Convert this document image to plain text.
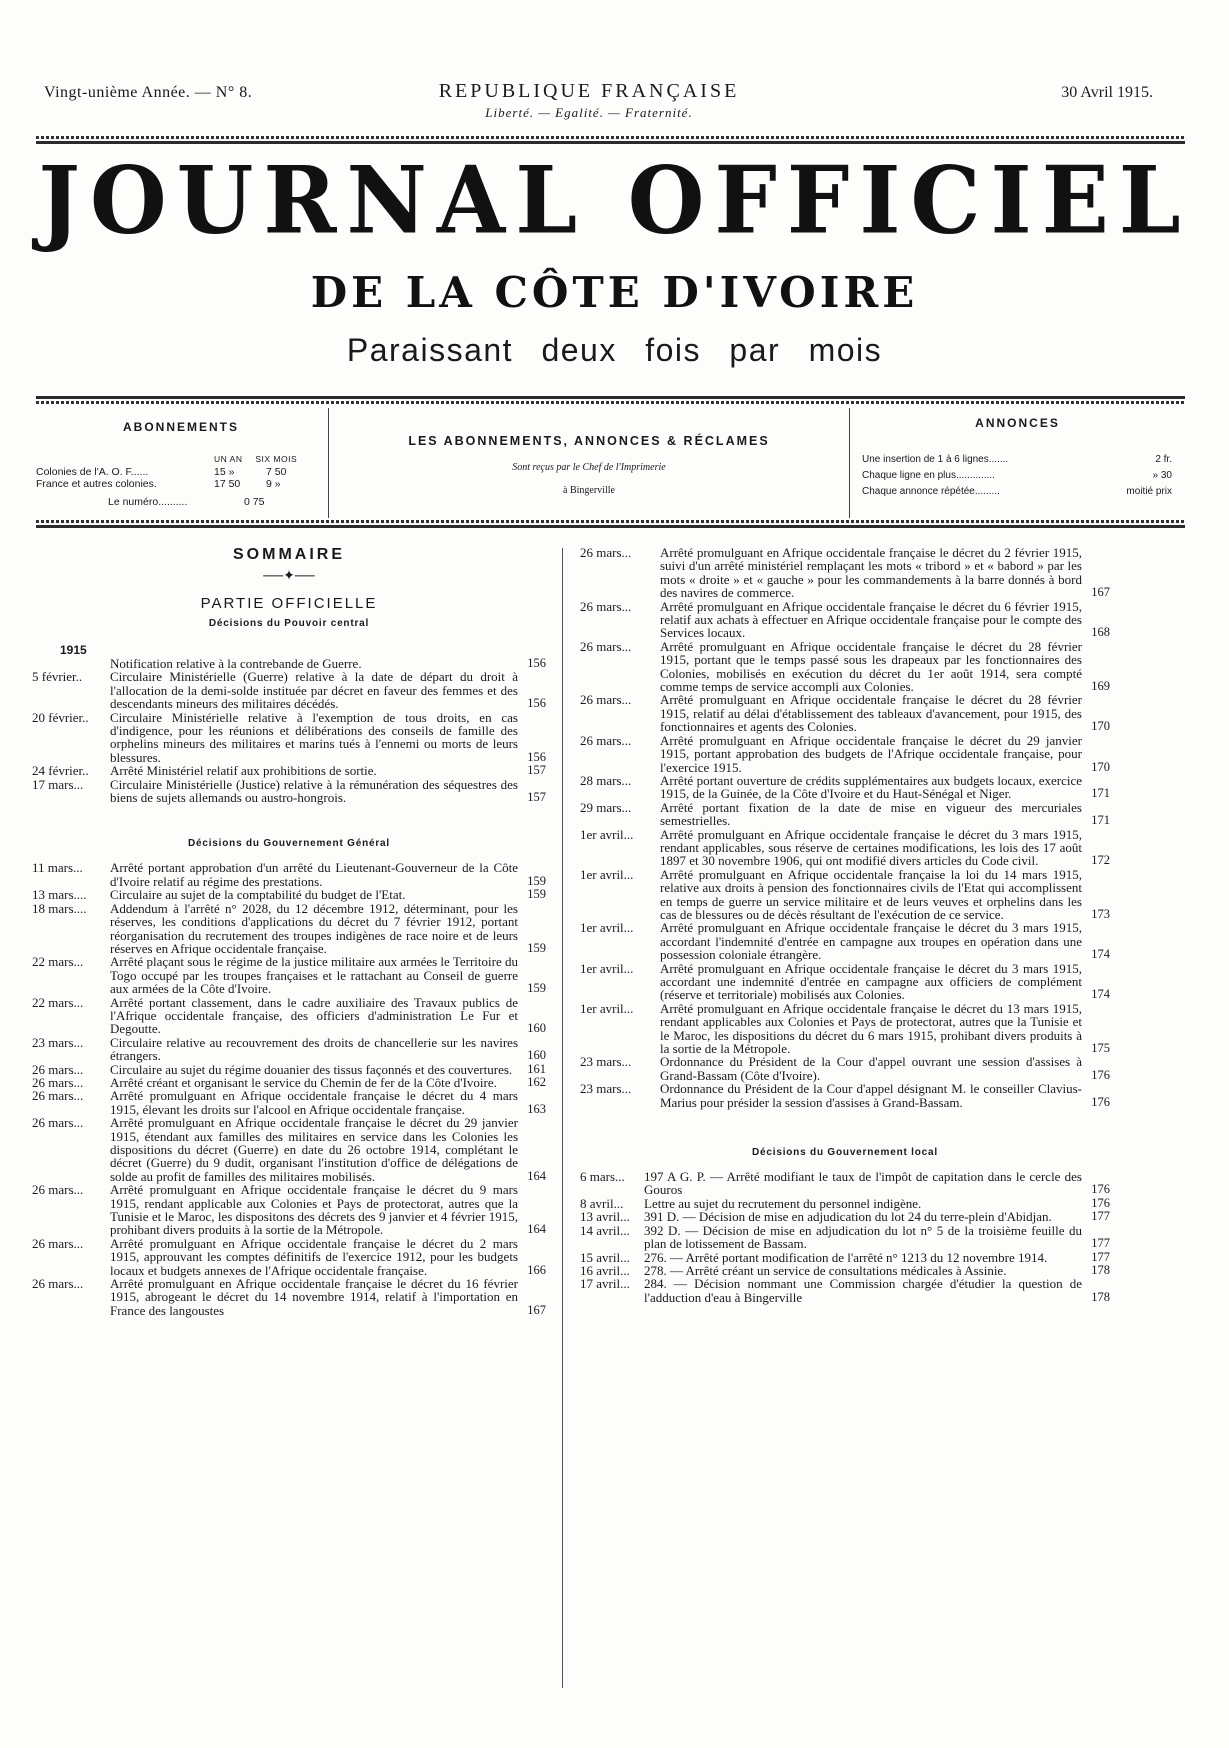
Vingt-unième Année. — N° 8.	REPUBLIQUE FRANÇAISE
Liberté. — Egalité. — Fraternité.
30 Avril 1915.
JOURNAL OFFICIEL
DE LA CÔTE D'IVOIRE
Paraissant deux fois par mois
ABONNEMENTS
UN AN SIX MOIS
Colonies de l'A. O. F......	15 »	7 50
France et autres colonies.	17 50	9 »
Le numéro..........	0 75
LES ABONNEMENTS, ANNONCES & RÉCLAMES
Sont reçus par le Chef de l'Imprimerie
à Bingerville
ANNONCES
Une insertion de 1 à 6 lignes.......	2 fr.
Chaque ligne en plus..............	» 30
Chaque annonce répétée.........	moitié prix
SOMMAIRE
──✦──
PARTIE OFFICIELLE
Décisions du Pouvoir central
1915
Notification relative à la contrebande de Guerre.	156
5 février..	Circulaire Ministérielle (Guerre) relative à la date de départ du droit à l'allocation de la demi-solde instituée par décret en faveur des femmes et des descendants mineurs des militaires décédés.	156
20 février..	Circulaire Ministérielle relative à l'exemption de tous droits, en cas d'indigence, pour les réunions et délibérations des conseils de famille des orphelins mineurs des militaires et marins tués à l'ennemi ou morts de leurs blessures.	156
24 février..	Arrêté Ministériel relatif aux prohibitions de sortie.	157
17 mars...	Circulaire Ministérielle (Justice) relative à la rémunération des séquestres des biens de sujets allemands ou austro-hongrois.	157
Décisions du Gouvernement Général
11 mars...	Arrêté portant approbation d'un arrêté du Lieutenant-Gouverneur de la Côte d'Ivoire relatif au régime des prestations.	159
13 mars....	Circulaire au sujet de la comptabilité du budget de l'Etat.	159
18 mars....	Addendum à l'arrêté n° 2028, du 12 décembre 1912, déterminant, pour les réserves, les conditions d'applications du décret du 7 février 1912, portant réorganisation du recrutement des troupes indigènes de race noire et de leurs réserves en Afrique occidentale française.	159
22 mars...	Arrêté plaçant sous le régime de la justice militaire aux armées le Territoire du Togo occupé par les troupes françaises et le rattachant au Conseil de guerre aux armées de la Côte d'Ivoire.	159
22 mars...	Arrêté portant classement, dans le cadre auxiliaire des Travaux publics de l'Afrique occidentale française, des officiers d'administration Le Fur et Degoutte.	160
23 mars...	Circulaire relative au recouvrement des droits de chancellerie sur les navires étrangers.	160
26 mars...	Circulaire au sujet du régime douanier des tissus façonnés et des couvertures.	161
26 mars...	Arrêté créant et organisant le service du Chemin de fer de la Côte d'Ivoire.	162
26 mars...	Arrêté promulguant en Afrique occidentale française le décret du 4 mars 1915, élevant les droits sur l'alcool en Afrique occidentale française.	163
26 mars...	Arrêté promulguant en Afrique occidentale française le décret du 29 janvier 1915, étendant aux familles des militaires en service dans les Colonies les dispositions du décret (Guerre) en date du 26 octobre 1914, complétant le décret (Guerre) du 9 dudit, organisant l'institution d'office de délégations de solde au profit de familles des militaires mobilisés.	164
26 mars...	Arrêté promulguant en Afrique occidentale française le décret du 9 mars 1915, rendant applicable aux Colonies et Pays de protectorat, autres que la Tunisie et le Maroc, les dispositons des décrets des 9 janvier et 4 février 1915, prohibant divers produits à la sortie de la Métropole.	164
26 mars...	Arrêté promulguant en Afrique occidentale française le décret du 2 mars 1915, approuvant les comptes définitifs de l'exercice 1912, pour les budgets locaux et budgets annexes de l'Afrique occidentale française.	166
26 mars...	Arrêté promulguant en Afrique occidentale française le décret du 16 février 1915, abrogeant le décret du 14 novembre 1914, relatif à l'importation en France des langoustes	167
26 mars...	Arrêté promulguant en Afrique occidentale française le décret du 2 février 1915, suivi d'un arrêté ministériel remplaçant les mots « tribord » et « babord » par les mots « droite » et « gauche » pour les commandements à la barre donnés à bord des navires de commerce.	167
26 mars...	Arrêté promulguant en Afrique occidentale française le décret du 6 février 1915, relatif aux achats à effectuer en Afrique occidentale française pour le compte des Services locaux.	168
26 mars...	Arrêté promulguant en Afrique occidentale française le décret du 28 février 1915, portant que le temps passé sous les drapeaux par les fonctionnaires des Colonies, mobilisés en exécution du décret du 1er août 1914, sera compté comme temps de service accompli aux Colonies.	169
26 mars...	Arrêté promulguant en Afrique occidentale française le décret du 28 février 1915, relatif au délai d'établissement des tableaux d'avancement, pour 1915, des fonctionnaires et agents des Colonies.	170
26 mars...	Arrêté promulguant en Afrique occidentale française le décret du 29 janvier 1915, portant approbation des budgets de l'Afrique occidentale française, pour l'exercice 1915.	170
28 mars...	Arrêté portant ouverture de crédits supplémentaires aux budgets locaux, exercice 1915, de la Guinée, de la Côte d'Ivoire et du Haut-Sénégal et Niger.	171
29 mars...	Arrêté portant fixation de la date de mise en vigueur des mercuriales semestrielles.	171
1er avril...	Arrêté promulguant en Afrique occidentale française le décret du 3 mars 1915, rendant applicables, sous réserve de certaines modifications, les lois des 17 août 1897 et 30 novembre 1906, qui ont modifié divers articles du Code civil.	172
1er avril...	Arrêté promulguant en Afrique occidentale française la loi du 14 mars 1915, relative aux droits à pension des fonctionnaires civils de l'Etat qui accomplissent en temps de guerre un service militaire et de leurs veuves et orphelins dans les cas de blessures ou de décès résultant de l'exécution de ce service.	173
1er avril...	Arrêté promulguant en Afrique occidentale française le décret du 3 mars 1915, accordant l'indemnité d'entrée en campagne aux troupes en opération dans une possession coloniale étrangère.	174
1er avril...	Arrêté promulguant en Afrique occidentale française le décret du 3 mars 1915, accordant une indemnité d'entrée en campagne aux officiers de complément (réserve et territoriale) mobilisés aux Colonies.	174
1er avril...	Arrêté promulguant en Afrique occidentale française le décret du 13 mars 1915, rendant applicables aux Colonies et Pays de protectorat, autres que la Tunisie et le Maroc, les dispositions du décret du 6 mars 1915, prohibant divers produits à la sortie de la Métropole.	175
23 mars...	Ordonnance du Président de la Cour d'appel ouvrant une session d'assises à Grand-Bassam (Côte d'Ivoire).	176
23 mars...	Ordonnance du Président de la Cour d'appel désignant M. le conseiller Clavius-Marius pour présider la session d'assises à Grand-Bassam.	176
Décisions du Gouvernement local
6 mars...	197 A G. P. — Arrêté modifiant le taux de l'impôt de capitation dans le cercle des Gouros	176
8 avril...	Lettre au sujet du recrutement du personnel indigène.	176
13 avril...	391 D. — Décision de mise en adjudication du lot 24 du terre-plein d'Abidjan.	177
14 avril...	392 D. — Décision de mise en adjudication du lot n° 5 de la troisième feuille du plan de lotissement de Bassam.	177
15 avril...	276. — Arrêté portant modification de l'arrêté n° 1213 du 12 novembre 1914.	177
16 avril...	278. — Arrêté créant un service de consultations médicales à Assinie.	178
17 avril...	284. — Décision nommant une Commission chargée d'étudier la question de l'adduction d'eau à Bingerville	178
